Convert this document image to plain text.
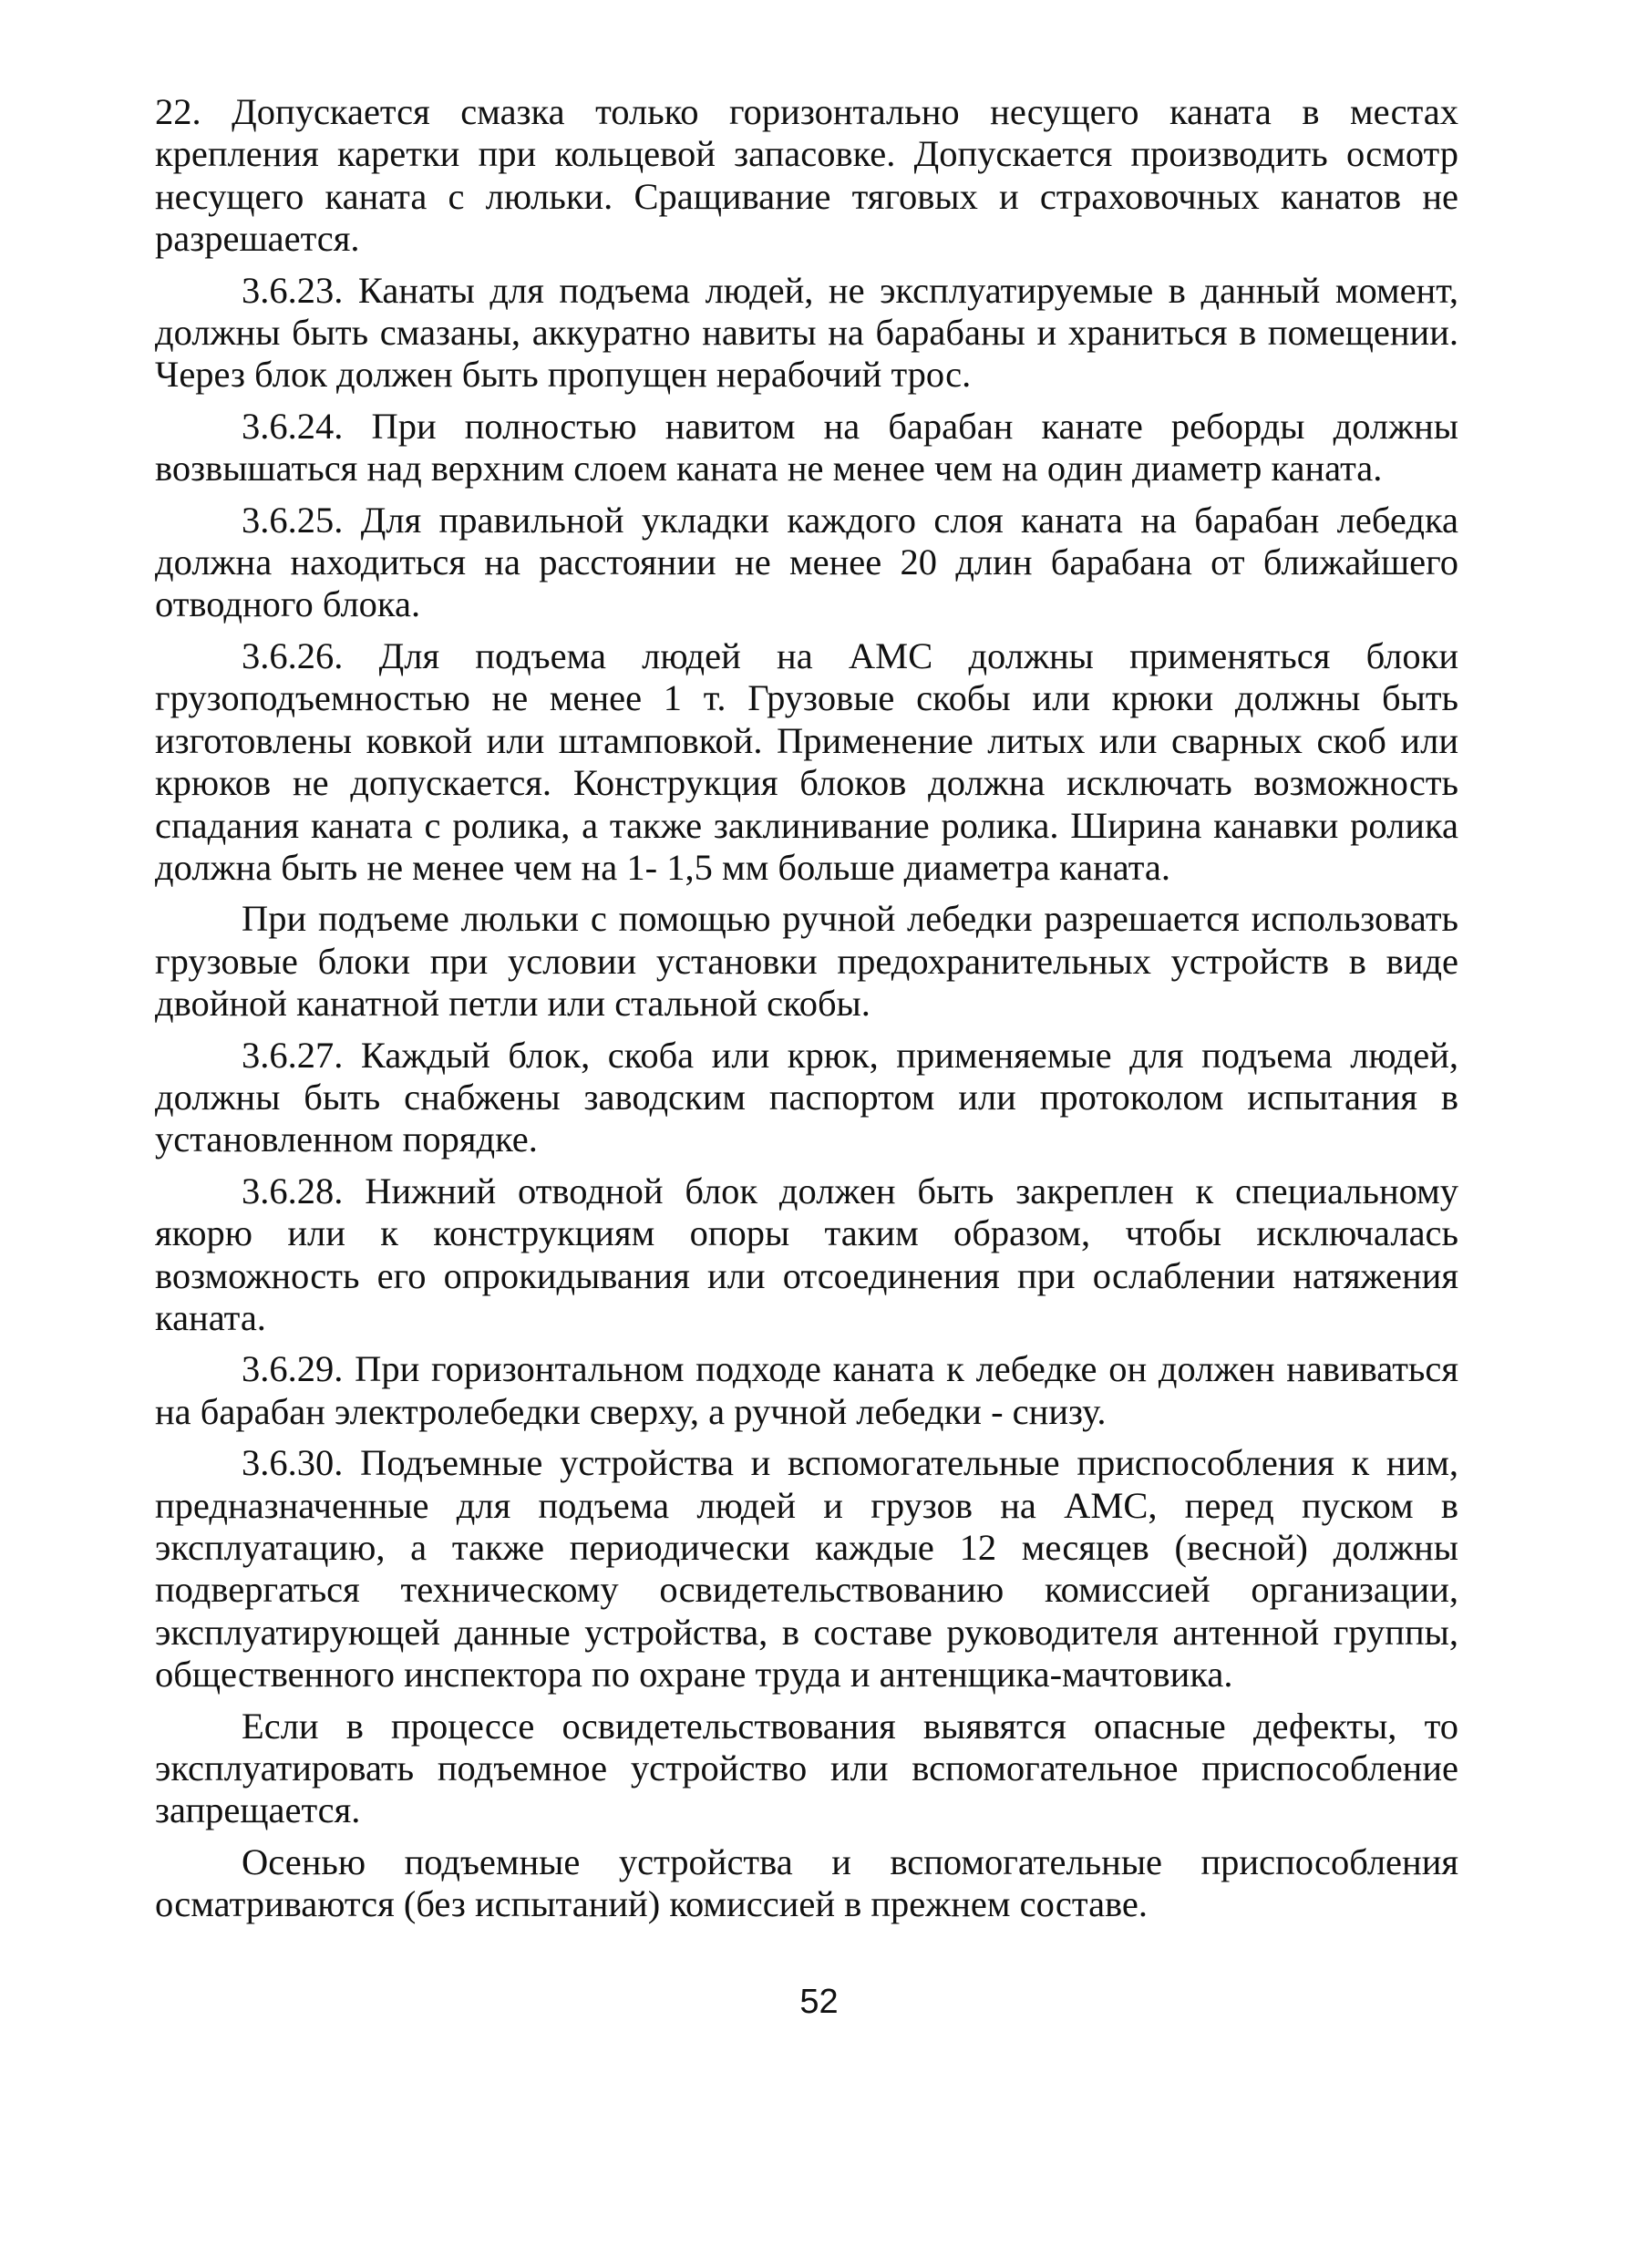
22. Допускается смазка только горизонтально несущего каната в местах крепления каретки при кольцевой запасовке. Допускается производить осмотр несущего каната с люльки. Сращивание тяговых и страховочных канатов не разрешается.

3.6.23. Канаты для подъема людей, не эксплуатируемые в данный момент, должны быть смазаны, аккуратно навиты на барабаны и храниться в помещении. Через блок должен быть пропущен нерабочий трос.

3.6.24. При полностью навитом на барабан канате реборды должны возвышаться над верхним слоем каната не менее чем на один диаметр каната.

3.6.25. Для правильной укладки каждого слоя каната на барабан лебедка должна находиться на расстоянии не менее 20 длин барабана от ближайшего отводного блока.

3.6.26. Для подъема людей на АМС должны применяться блоки грузоподъемностью не менее 1 т. Грузовые скобы или крюки должны быть изготовлены ковкой или штамповкой. Применение литых или сварных скоб или крюков не допускается. Конструкция блоков должна исключать возможность спадания каната с ролика, а также заклинивание ролика. Ширина канавки ролика должна быть не менее чем на 1- 1,5 мм больше диаметра каната.

При подъеме люльки с помощью ручной лебедки разрешается использовать грузовые блоки при условии установки предохранительных устройств в виде двойной канатной петли или стальной скобы.

3.6.27. Каждый блок, скоба или крюк, применяемые для подъема людей, должны быть снабжены заводским паспортом или протоколом испытания в установленном порядке.

3.6.28. Нижний отводной блок должен быть закреплен к специальному якорю или к конструкциям опоры таким образом, чтобы исключалась возможность его опрокидывания или отсоединения при ослаблении натяжения каната.

3.6.29. При горизонтальном подходе каната к лебедке он должен навиваться на барабан электролебедки сверху, а ручной лебедки - снизу.

3.6.30. Подъемные устройства и вспомогательные приспособления к ним, предназначенные для подъема людей и грузов на АМС, перед пуском в эксплуатацию, а также периодически каждые 12 месяцев (весной) должны подвергаться техническому освидетельствованию комиссией организации, эксплуатирующей данные устройства, в составе руководителя антенной группы, общественного инспектора по охране труда и антенщика-мачтовика.

Если в процессе освидетельствования выявятся опасные дефекты, то эксплуатировать подъемное устройство или вспомогательное приспособление запрещается.

Осенью подъемные устройства и вспомогательные приспособления осматриваются (без испытаний) комиссией в прежнем составе.

52
